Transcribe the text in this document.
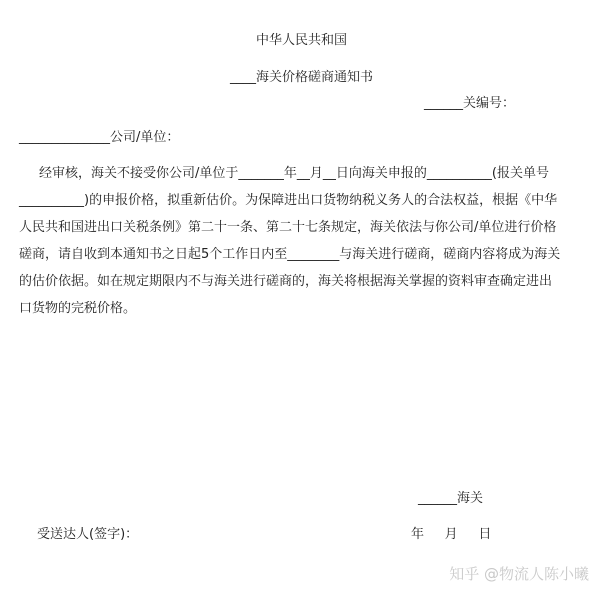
中华人民共和国
____海关价格磋商通知书
______关编号：
______________公司/单位：

经审核，海关不接受你公司/单位于_______年__月__日向海关申报的__________(报关单号

__________)的申报价格，拟重新估价。为保障进出口货物纳税义务人的合法权益，根据《中华

人民共和国进出口关税条例》第二十一条、第二十七条规定，海关依法与你公司/单位进行价格

磋商，请自收到本通知书之日起5个工作日内至________与海关进行磋商，磋商内容将成为海关

的估价依据。如在规定期限内不与海关进行磋商的，海关将根据海关掌握的资料审查确定进出

口货物的完税价格。

______海关
受送达人(签字)：	年     月     日
知乎 @物流人陈小曦
